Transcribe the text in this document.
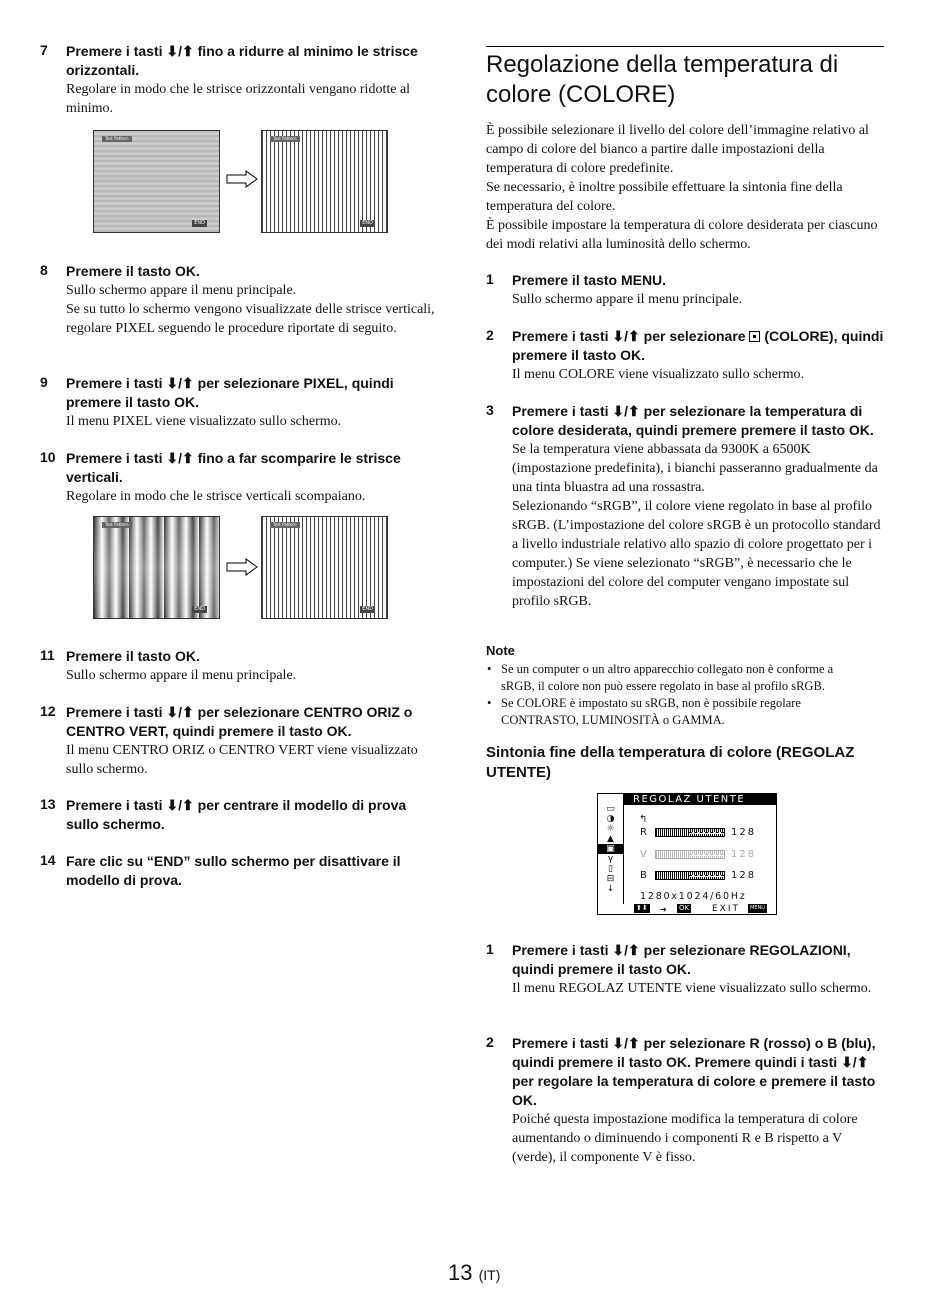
7 Premere i tasti ⬇/⬆ fino a ridurre al minimo le strisce orizzontali.
Regolare in modo che le strisce orizzontali vengano ridotte al minimo.
Test Pattern
END
Test Pattern
END
8 Premere il tasto OK.
Sullo schermo appare il menu principale.
Se su tutto lo schermo vengono visualizzate delle strisce verticali, regolare PIXEL seguendo le procedure riportate di seguito.
9 Premere i tasti ⬇/⬆ per selezionare PIXEL, quindi premere il tasto OK.
Il menu PIXEL viene visualizzato sullo schermo.
10 Premere i tasti ⬇/⬆ fino a far scomparire le strisce verticali.
Regolare in modo che le strisce verticali scompaiano.
Test Pattern
END
Test Pattern
END
11 Premere il tasto OK.
Sullo schermo appare il menu principale.
12 Premere i tasti ⬇/⬆ per selezionare CENTRO ORIZ o CENTRO VERT, quindi premere il tasto OK.
Il menu CENTRO ORIZ o CENTRO VERT viene visualizzato sullo schermo.
13 Premere i tasti ⬇/⬆ per centrare il modello di prova sullo schermo.
14 Fare clic su “END” sullo schermo per disattivare il modello di prova.
Regolazione della temperatura di colore (COLORE)
È possibile selezionare il livello del colore dell’immagine relativo al campo di colore del bianco a partire dalle impostazioni della temperatura di colore predefinite.
Se necessario, è inoltre possibile effettuare la sintonia fine della temperatura del colore.
È possibile impostare la temperatura di colore desiderata per ciascuno dei modi relativi alla luminosità dello schermo.
1 Premere il tasto MENU.
Sullo schermo appare il menu principale.
2 Premere i tasti ⬇/⬆ per selezionare  (COLORE), quindi premere il tasto OK.
Il menu COLORE viene visualizzato sullo schermo.
3 Premere i tasti ⬇/⬆ per selezionare la temperatura di colore desiderata, quindi premere premere il tasto OK.
Se la temperatura viene abbassata da 9300K a 6500K (impostazione predefinita), i bianchi passeranno gradualmente da una tinta bluastra ad una rossastra.
Selezionando “sRGB”, il colore viene regolato in base al profilo sRGB. (L’impostazione del colore sRGB è un protocollo standard a livello industriale relativo allo spazio di colore progettato per i computer.) Se viene selezionato “sRGB”, è necessario che le impostazioni del colore del computer vengano impostate sul profilo sRGB.
Note
• Se un computer o un altro apparecchio collegato non è conforme a sRGB, il colore non può essere regolato in base al profilo sRGB.
• Se COLORE è impostato su sRGB, non è possibile regolare CONTRASTO, LUMINOSITÀ o GAMMA.
Sintonia fine della temperatura di colore (REGOLAZ UTENTE)
REGOLAZ UTENTE
▭
◑
☼
▲
▣
γ
▯
⊟
↓
↰
R	128
V	128
B	128
1280x1024/60Hz
⬆⬇ ➜ OK	EXIT	MENU
1 Premere i tasti ⬇/⬆ per selezionare REGOLAZIONI, quindi premere il tasto OK.
Il menu REGOLAZ UTENTE viene visualizzato sullo schermo.
2 Premere i tasti ⬇/⬆ per selezionare R (rosso) o B (blu), quindi premere il tasto OK. Premere quindi i tasti ⬇/⬆ per regolare la temperatura di colore e premere il tasto OK.
Poiché questa impostazione modifica la temperatura di colore aumentando o diminuendo i componenti R e B rispetto a V (verde), il componente V è fisso.
13 (IT)
